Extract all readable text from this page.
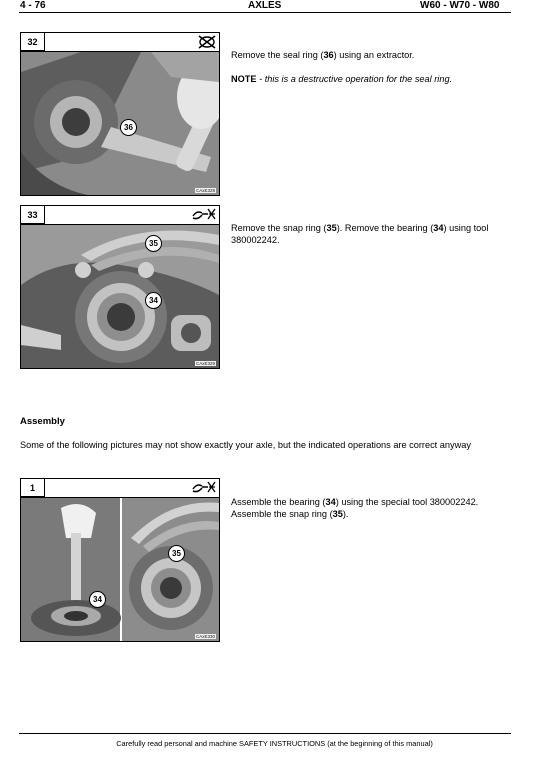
4 - 76	AXLES	W60 - W70 - W80
32
36
CAxE328
Remove the seal ring (36) using an extractor.
NOTE - this is a destructive operation for the seal ring.
33
35
34
CAxE329
Remove the snap ring (35). Remove the bearing (34) using tool
380002242.
Assembly
Some of the following pictures may not show exactly your axle, but the indicated operations are correct anyway
1
35
34
CAxE330
Assemble the bearing (34) using the special tool 380002242.
Assemble the snap ring (35).
Carefully read personal and machine SAFETY INSTRUCTIONS (at the beginning of this manual)
